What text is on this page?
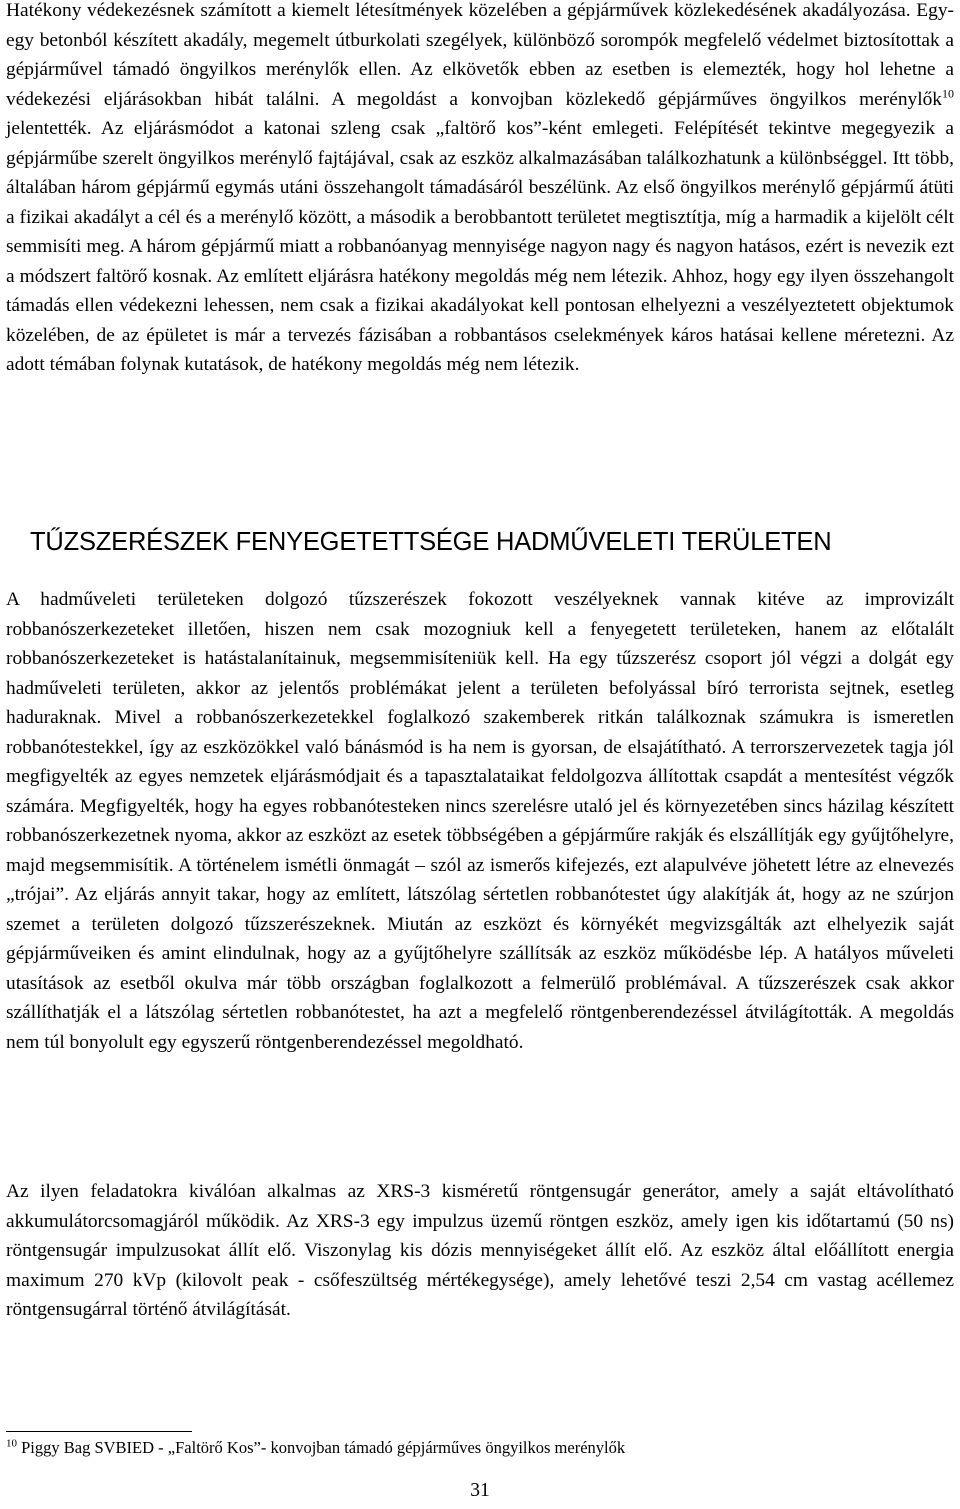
Hatékony védekezésnek számított a kiemelt létesítmények közelében a gépjárművek közlekedésének akadályozása. Egy-egy betonból készített akadály, megemelt útburkolati szegélyek, különböző sorompók megfelelő védelmet biztosítottak a gépjárművel támadó öngyilkos merénylők ellen. Az elkövetők ebben az esetben is elemezték, hogy hol lehetne a védekezési eljárásokban hibát találni. A megoldást a konvojban közlekedő gépjárműves öngyilkos merénylők$^{10}$ jelentették. Az eljárásmódot a katonai szleng csak „faltörő kos”-ként emlegeti. Felépítését tekintve megegyezik a gépjárműbe szerelt öngyilkos merénylő fajtájával, csak az eszköz alkalmazásában találkozhatunk a különbséggel. Itt több, általában három gépjármű egymás utáni összehangolt támadásáról beszélünk. Az első öngyilkos merénylő gépjármű átüti a fizikai akadályt a cél és a merénylő között, a második a berobbantott területet megtisztítja, míg a harmadik a kijelölt célt semmisíti meg. A három gépjármű miatt a robbanóanyag mennyisége nagyon nagy és nagyon hatásos, ezért is nevezik ezt a módszert faltörő kosnak. Az említett eljárásra hatékony megoldás még nem létezik. Ahhoz, hogy egy ilyen összehangolt támadás ellen védekezni lehessen, nem csak a fizikai akadályokat kell pontosan elhelyezni a veszélyeztetett objektumok közelében, de az épületet is már a tervezés fázisában a robbantásos cselekmények káros hatásai kellene méretezni. Az adott témában folynak kutatások, de hatékony megoldás még nem létezik.

TŰZSZERÉSZEK FENYEGETETTSÉGE HADMŰVELETI TERÜLETEN

A hadműveleti területeken dolgozó tűzszerészek fokozott veszélyeknek vannak kitéve az improvizált robbanószerkezeteket illetően, hiszen nem csak mozogniuk kell a fenyegetett területeken, hanem az előtalált robbanószerkezeteket is hatástalanítainuk, megsemmisíteniük kell. Ha egy tűzszerész csoport jól végzi a dolgát egy hadműveleti területen, akkor az jelentős problémákat jelent a területen befolyással bíró terrorista sejtnek, esetleg haduraknak. Mivel a robbanószerkezetekkel foglalkozó szakemberek ritkán találkoznak számukra is ismeretlen robbanótestekkel, így az eszközökkel való bánásmód is ha nem is gyorsan, de elsajátítható. A terrorszervezetek tagja jól megfigyelték az egyes nemzetek eljárásmódjait és a tapasztalataikat feldolgozva állítottak csapdát a mentesítést végzők számára. Megfigyelték, hogy ha egyes robbanótesteken nincs szerelésre utaló jel és környezetében sincs házilag készített robbanószerkezetnek nyoma, akkor az eszközt az esetek többségében a gépjárműre rakják és elszállítják egy gyűjtőhelyre, majd megsemmisítik. A történelem ismétli önmagát – szól az ismerős kifejezés, ezt alapulvéve jöhetett létre az elnevezés „trójai”. Az eljárás annyit takar, hogy az említett, látszólag sértetlen robbanótestet úgy alakítják át, hogy az ne szúrjon szemet a területen dolgozó tűzszerészeknek. Miután az eszközt és környékét megvizsgálták azt elhelyezik saját gépjárműveiken és amint elindulnak, hogy az a gyűjtőhelyre szállítsák az eszköz működésbe lép. A hatályos műveleti utasítások az esetből okulva már több országban foglalkozott a felmerülő problémával. A tűzszerészek csak akkor szállíthatják el a látszólag sértetlen robbanótestet, ha azt a megfelelő röntgenberendezéssel átvilágították. A megoldás nem túl bonyolult egy egyszerű röntgenberendezéssel megoldható.

Az ilyen feladatokra kiválóan alkalmas az XRS-3 kisméretű röntgensugár generátor, amely a saját eltávolítható akkumulátorcsomagjáról működik. Az XRS-3 egy impulzus üzemű röntgen eszköz, amely igen kis időtartamú (50 ns) röntgensugár impulzusokat állít elő. Viszonylag kis dózis mennyiségeket állít elő. Az eszköz által előállított energia maximum 270 kVp (kilovolt peak - csőfeszültség mértékegysége), amely lehetővé teszi 2,54 cm vastag acéllemez röntgensugárral történő átvilágítását.

$^{10}$ Piggy Bag SVBIED - „Faltörő Kos”- konvojban támadó gépjárműves öngyilkos merénylők

31
